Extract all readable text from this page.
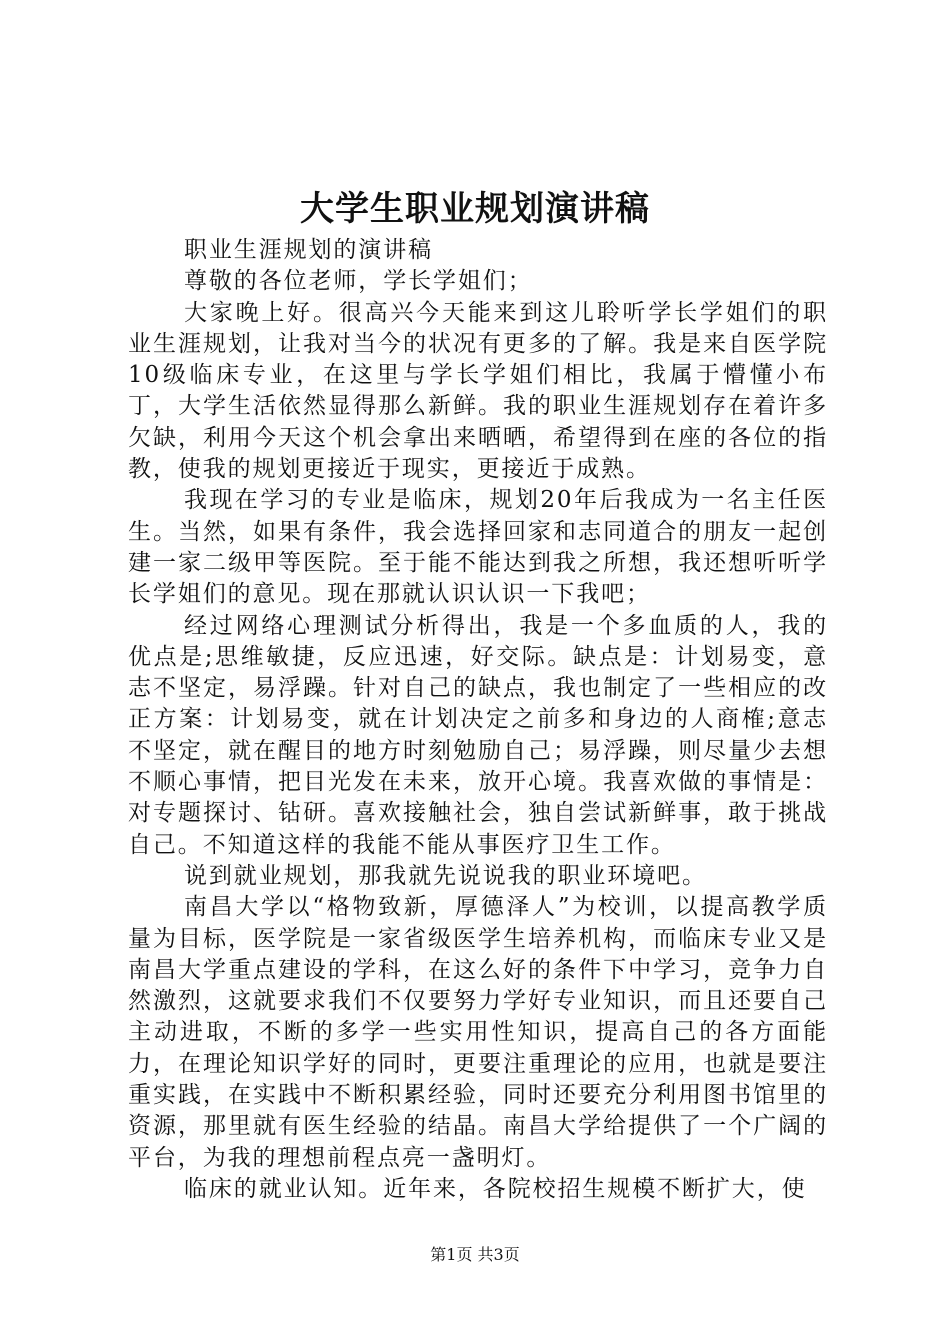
大学生职业规划演讲稿

职业生涯规划的演讲稿

尊敬的各位老师，学长学姐们；

大家晚上好。很高兴今天能来到这儿聆听学长学姐们的职业生涯规划，让我对当今的状况有更多的了解。我是来自医学院10级临床专业，在这里与学长学姐们相比，我属于懵懂小布丁，大学生活依然显得那么新鲜。我的职业生涯规划存在着许多欠缺，利用今天这个机会拿出来晒晒，希望得到在座的各位的指教，使我的规划更接近于现实，更接近于成熟。

我现在学习的专业是临床，规划20年后我成为一名主任医生。当然，如果有条件，我会选择回家和志同道合的朋友一起创建一家二级甲等医院。至于能不能达到我之所想，我还想听听学长学姐们的意见。现在那就认识认识一下我吧；

经过网络心理测试分析得出，我是一个多血质的人，我的优点是;思维敏捷，反应迅速，好交际。缺点是：计划易变，意志不坚定，易浮躁。针对自己的缺点，我也制定了一些相应的改正方案：计划易变，就在计划决定之前多和身边的人商榷;意志不坚定，就在醒目的地方时刻勉励自己；易浮躁，则尽量少去想不顺心事情，把目光发在未来，放开心境。我喜欢做的事情是：对专题探讨、钻研。喜欢接触社会，独自尝试新鲜事，敢于挑战自己。不知道这样的我能不能从事医疗卫生工作。

说到就业规划，那我就先说说我的职业环境吧。

南昌大学以“格物致新，厚德泽人”为校训，以提高教学质量为目标，医学院是一家省级医学生培养机构，而临床专业又是南昌大学重点建设的学科，在这么好的条件下中学习，竞争力自然激烈，这就要求我们不仅要努力学好专业知识，而且还要自己主动进取，不断的多学一些实用性知识，提高自己的各方面能力，在理论知识学好的同时，更要注重理论的应用，也就是要注重实践，在实践中不断积累经验，同时还要充分利用图书馆里的资源，那里就有医生经验的结晶。南昌大学给提供了一个广阔的平台，为我的理想前程点亮一盏明灯。

临床的就业认知。近年来，各院校招生规模不断扩大，使

第1页 共3页
